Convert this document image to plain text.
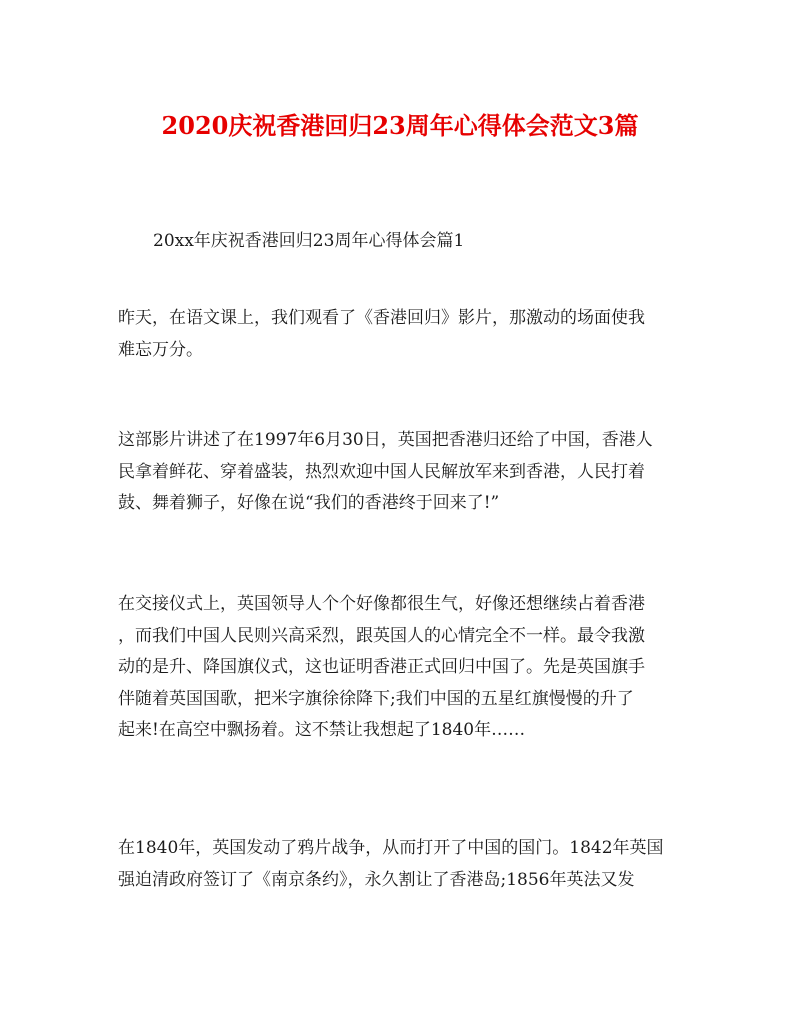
2020庆祝香港回归23周年心得体会范文3篇
20xx年庆祝香港回归23周年心得体会篇1
昨天，在语文课上，我们观看了《香港回归》影片，那激动的场面使我
难忘万分。
这部影片讲述了在1997年6月30日，英国把香港归还给了中国，香港人
民拿着鲜花、穿着盛装，热烈欢迎中国人民解放军来到香港，人民打着
鼓、舞着狮子，好像在说“我们的香港终于回来了!”
在交接仪式上，英国领导人个个好像都很生气，好像还想继续占着香港
，而我们中国人民则兴高采烈，跟英国人的心情完全不一样。最令我激
动的是升、降国旗仪式，这也证明香港正式回归中国了。先是英国旗手
伴随着英国国歌，把米字旗徐徐降下;我们中国的五星红旗慢慢的升了
起来!在高空中飘扬着。这不禁让我想起了1840年……
在1840年，英国发动了鸦片战争，从而打开了中国的国门。1842年英国
强迫清政府签订了《南京条约》，永久割让了香港岛;1856年英法又发
